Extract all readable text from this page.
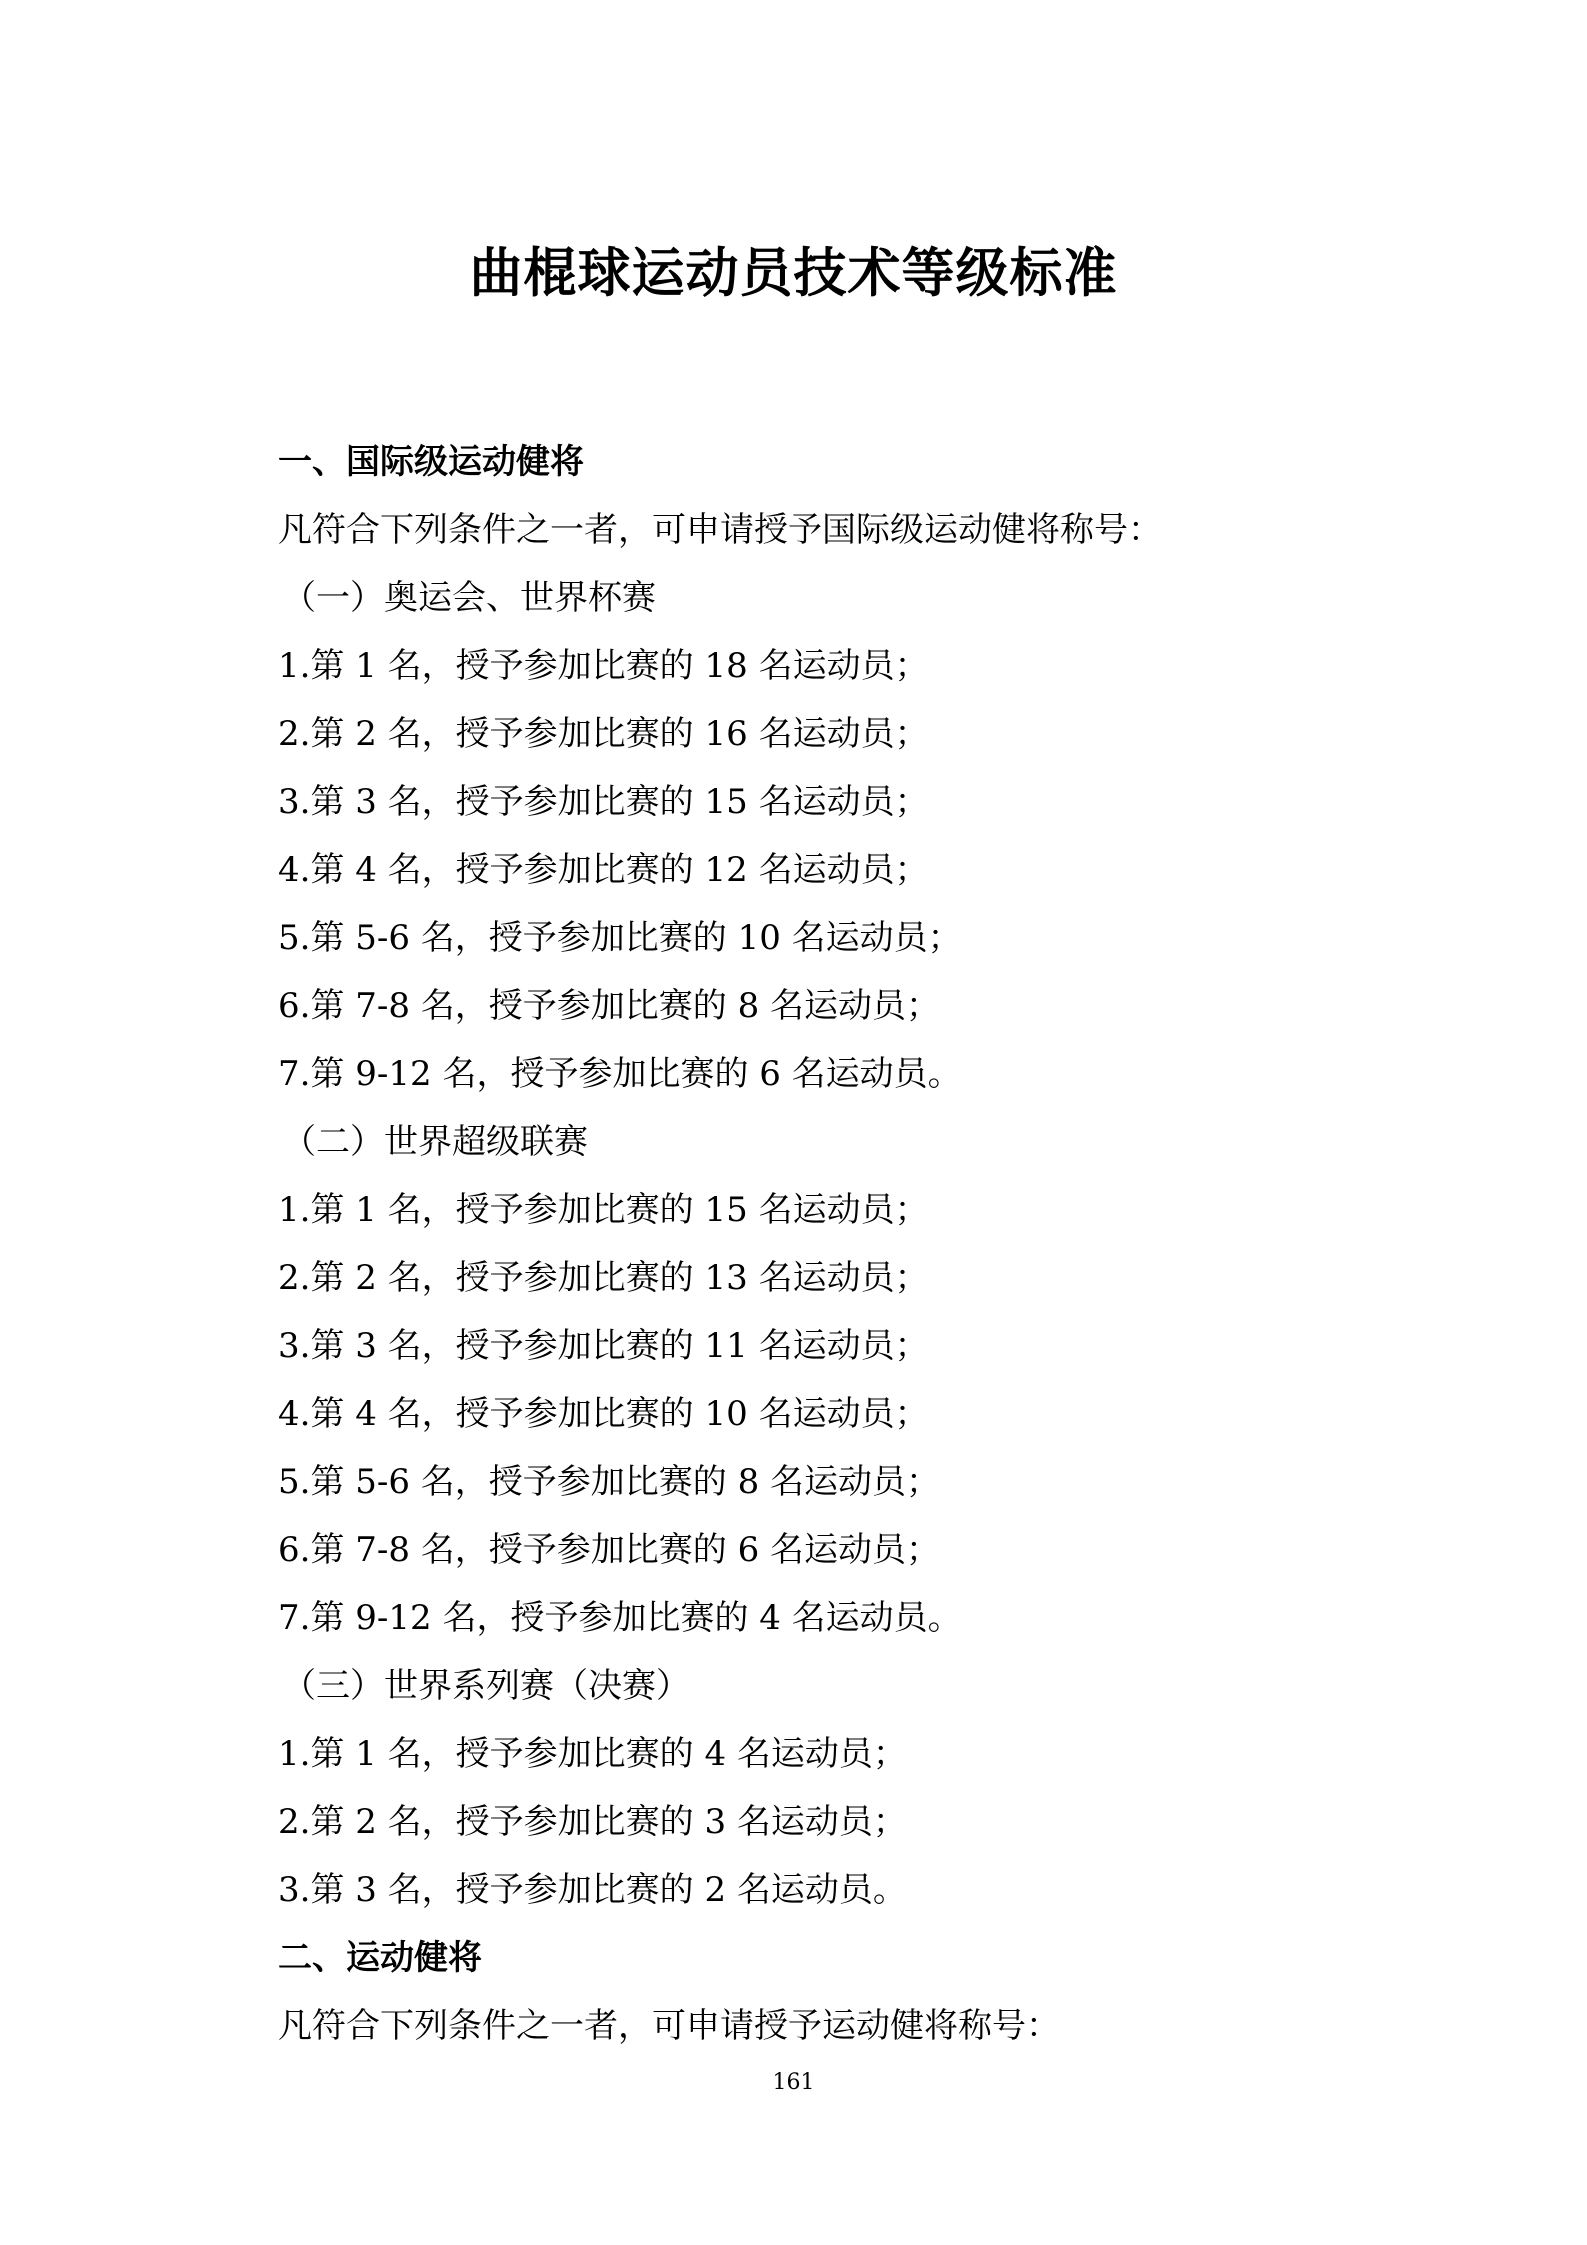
曲棍球运动员技术等级标准
一、国际级运动健将
凡符合下列条件之一者，可申请授予国际级运动健将称号：
（一）奥运会、世界杯赛
1.第 1 名，授予参加比赛的 18 名运动员；
2.第 2 名，授予参加比赛的 16 名运动员；
3.第 3 名，授予参加比赛的 15 名运动员；
4.第 4 名，授予参加比赛的 12 名运动员；
5.第 5-6 名，授予参加比赛的 10 名运动员；
6.第 7-8 名，授予参加比赛的 8 名运动员；
7.第 9-12 名，授予参加比赛的 6 名运动员。
（二）世界超级联赛
1.第 1 名，授予参加比赛的 15 名运动员；
2.第 2 名，授予参加比赛的 13 名运动员；
3.第 3 名，授予参加比赛的 11 名运动员；
4.第 4 名，授予参加比赛的 10 名运动员；
5.第 5-6 名，授予参加比赛的 8 名运动员；
6.第 7-8 名，授予参加比赛的 6 名运动员；
7.第 9-12 名，授予参加比赛的 4 名运动员。
（三）世界系列赛（决赛）
1.第 1 名，授予参加比赛的 4 名运动员；
2.第 2 名，授予参加比赛的 3 名运动员；
3.第 3 名，授予参加比赛的 2 名运动员。
二、运动健将
凡符合下列条件之一者，可申请授予运动健将称号：
161
